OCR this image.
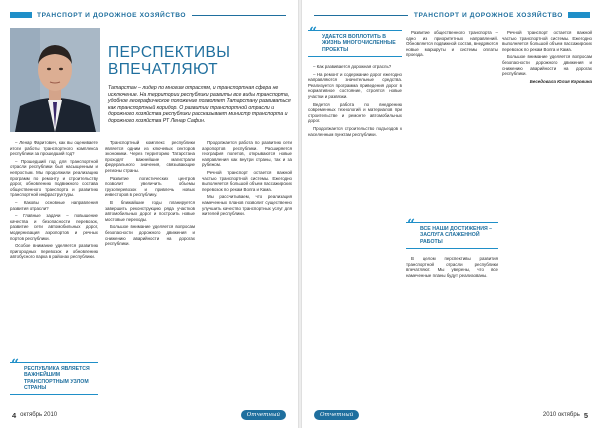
ТРАНСПОРТ И ДОРОЖНОЕ ХОЗЯЙСТВО
ПЕРСПЕКТИВЫ ВПЕЧАТЛЯЮТ
Татарстан – лидер по многим отраслям, и транспортная сфера не исключение. На территории республики развиты все виды транспорта, удобное географическое положение позволяет Татарстану развиваться как транспортный коридор. О развитии транспортной отрасли и дорожного хозяйства республики рассказывает министр транспорта и дорожного хозяйства РТ Ленар Сафин.

– Ленар Фаритович, как вы оцениваете итоги работы транспортного комплекса республики за прошедший год?

– Прошедший год для транспортной отрасли республики был насыщенным и непростым. Мы продолжили реализацию программ по ремонту и строительству дорог, обновлению подвижного состава общественного транспорта и развитию транспортной инфраструктуры.

– Каковы основные направления развития отрасли?

– Главные задачи – повышение качества и безопасности перевозок, развитие сети автомобильных дорог, модернизация аэропортов и речных портов республики.

Особое внимание уделяется развитию пригородных перевозок и обновлению автобусного парка в районах республики.

“ РЕСПУБЛИКА ЯВЛЯЕТСЯ ВАЖНЕЙШИМ ТРАНСПОРТНЫМ УЗЛОМ СТРАНЫ

Транспортный комплекс республики является одним из ключевых секторов экономики. Через территорию Татарстана проходят важнейшие магистрали федерального значения, связывающие регионы страны.

Развитие логистических центров позволит увеличить объемы грузоперевозок и привлечь новых инвесторов в республику.

В ближайшие годы планируется завершить реконструкцию ряда участков автомобильных дорог и построить новые мостовые переходы.

Большое внимание уделяется вопросам безопасности дорожного движения и снижению аварийности на дорогах республики.

Продолжается работа по развитию сети аэропортов республики. Расширяется география полетов, открываются новые направления как внутри страны, так и за рубежом.

Речной транспорт остается важной частью транспортной системы. Ежегодно выполняется большой объем пассажирских перевозок по рекам Волга и Кама.

Мы рассчитываем, что реализация намеченных планов позволит существенно улучшить качество транспортных услуг для жителей республики.

4 октябрь 2010	Отчетный
ТРАНСПОРТ И ДОРОЖНОЕ ХОЗЯЙСТВО
“ УДАЕТСЯ ВОПЛОТИТЬ В ЖИЗНЬ МНОГОЧИСЛЕННЫЕ ПРОЕКТЫ

– Как развивается дорожная отрасль?

– На ремонт и содержание дорог ежегодно направляются значительные средства. Реализуется программа приведения дорог в нормативное состояние, строятся новые участки и развязки.

Ведется работа по внедрению современных технологий и материалов при строительстве и ремонте автомобильных дорог.

Продолжается строительство подъездов к населенным пунктам республики.

Развитие общественного транспорта – одно из приоритетных направлений. Обновляется подвижной состав, внедряются новые маршруты и системы оплаты проезда.

“ ВСЕ НАШИ ДОСТИЖЕНИЯ – ЗАСЛУГА СЛАЖЕННОЙ РАБОТЫ

В целом перспективы развития транспортной отрасли республики впечатляют. Мы уверены, что все намеченные планы будут реализованы.

Речной транспорт остается важной частью транспортной системы. Ежегодно выполняется большой объем пассажирских перевозок по рекам Волга и Кама.

Большое внимание уделяется вопросам безопасности дорожного движения и снижению аварийности на дорогах республики.

Беседовала Юлия Коровина

Отчетный	2010 октябрь 5
